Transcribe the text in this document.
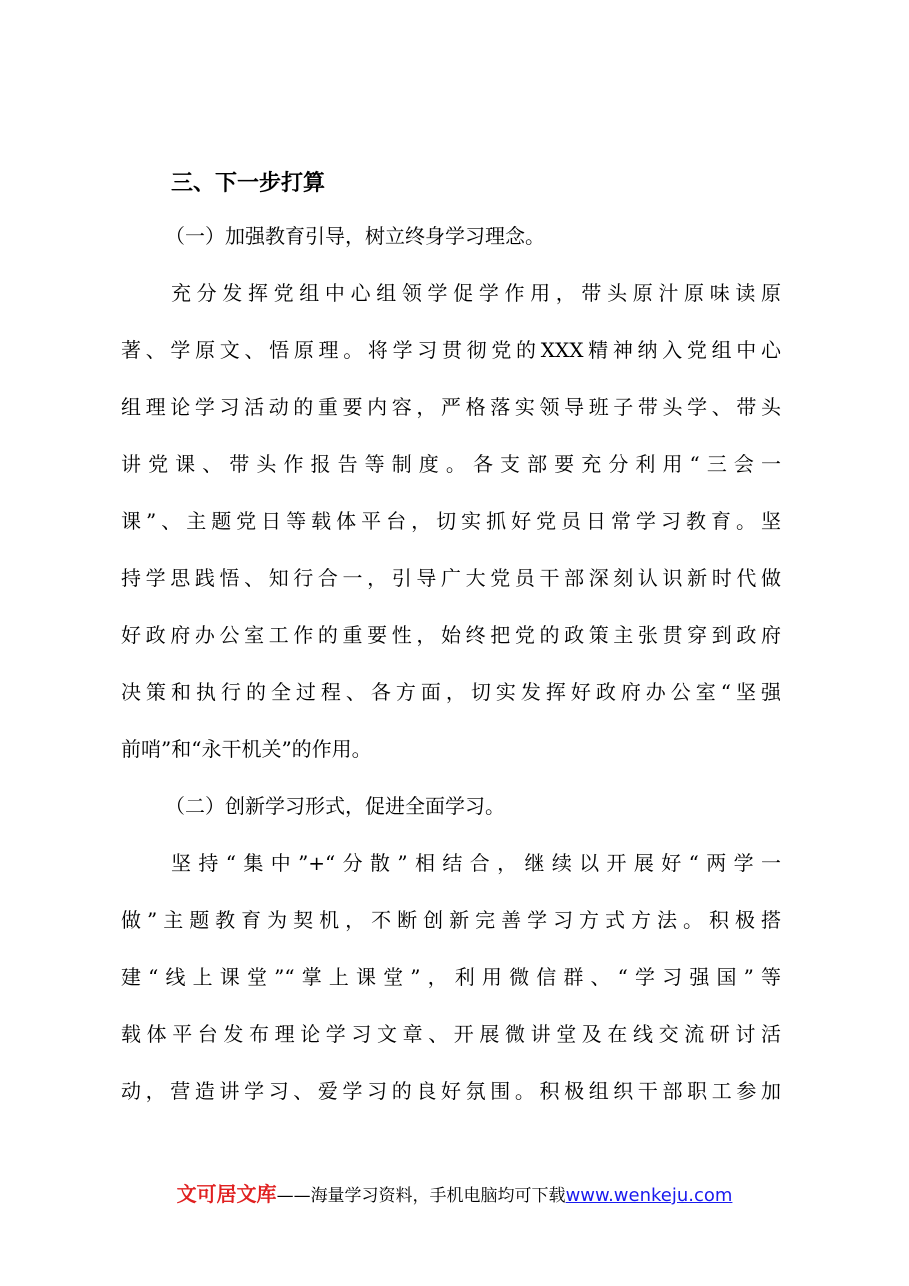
三、下一步打算

（一）加强教育引导，树立终身学习理念。

充分发挥党组中心组领学促学作用，带头原汁原味读原

著、学原文、悟原理。将学习贯彻党的XXX精神纳入党组中心

组理论学习活动的重要内容，严格落实领导班子带头学、带头

讲党课、带头作报告等制度。各支部要充分利用“三会一

课”、主题党日等载体平台，切实抓好党员日常学习教育。坚

持学思践悟、知行合一，引导广大党员干部深刻认识新时代做

好政府办公室工作的重要性，始终把党的政策主张贯穿到政府

决策和执行的全过程、各方面，切实发挥好政府办公室“坚强

前哨”和“永干机关”的作用。

（二）创新学习形式，促进全面学习。

坚持“集中”+“分散”相结合，继续以开展好“两学一

做”主题教育为契机，不断创新完善学习方式方法。积极搭

建“线上课堂”“掌上课堂”，利用微信群、“学习强国”等

载体平台发布理论学习文章、开展微讲堂及在线交流研讨活

动，营造讲学习、爱学习的良好氛围。积极组织干部职工参加

文可居文库——海量学习资料，手机电脑均可下载www.wenkeju.com
